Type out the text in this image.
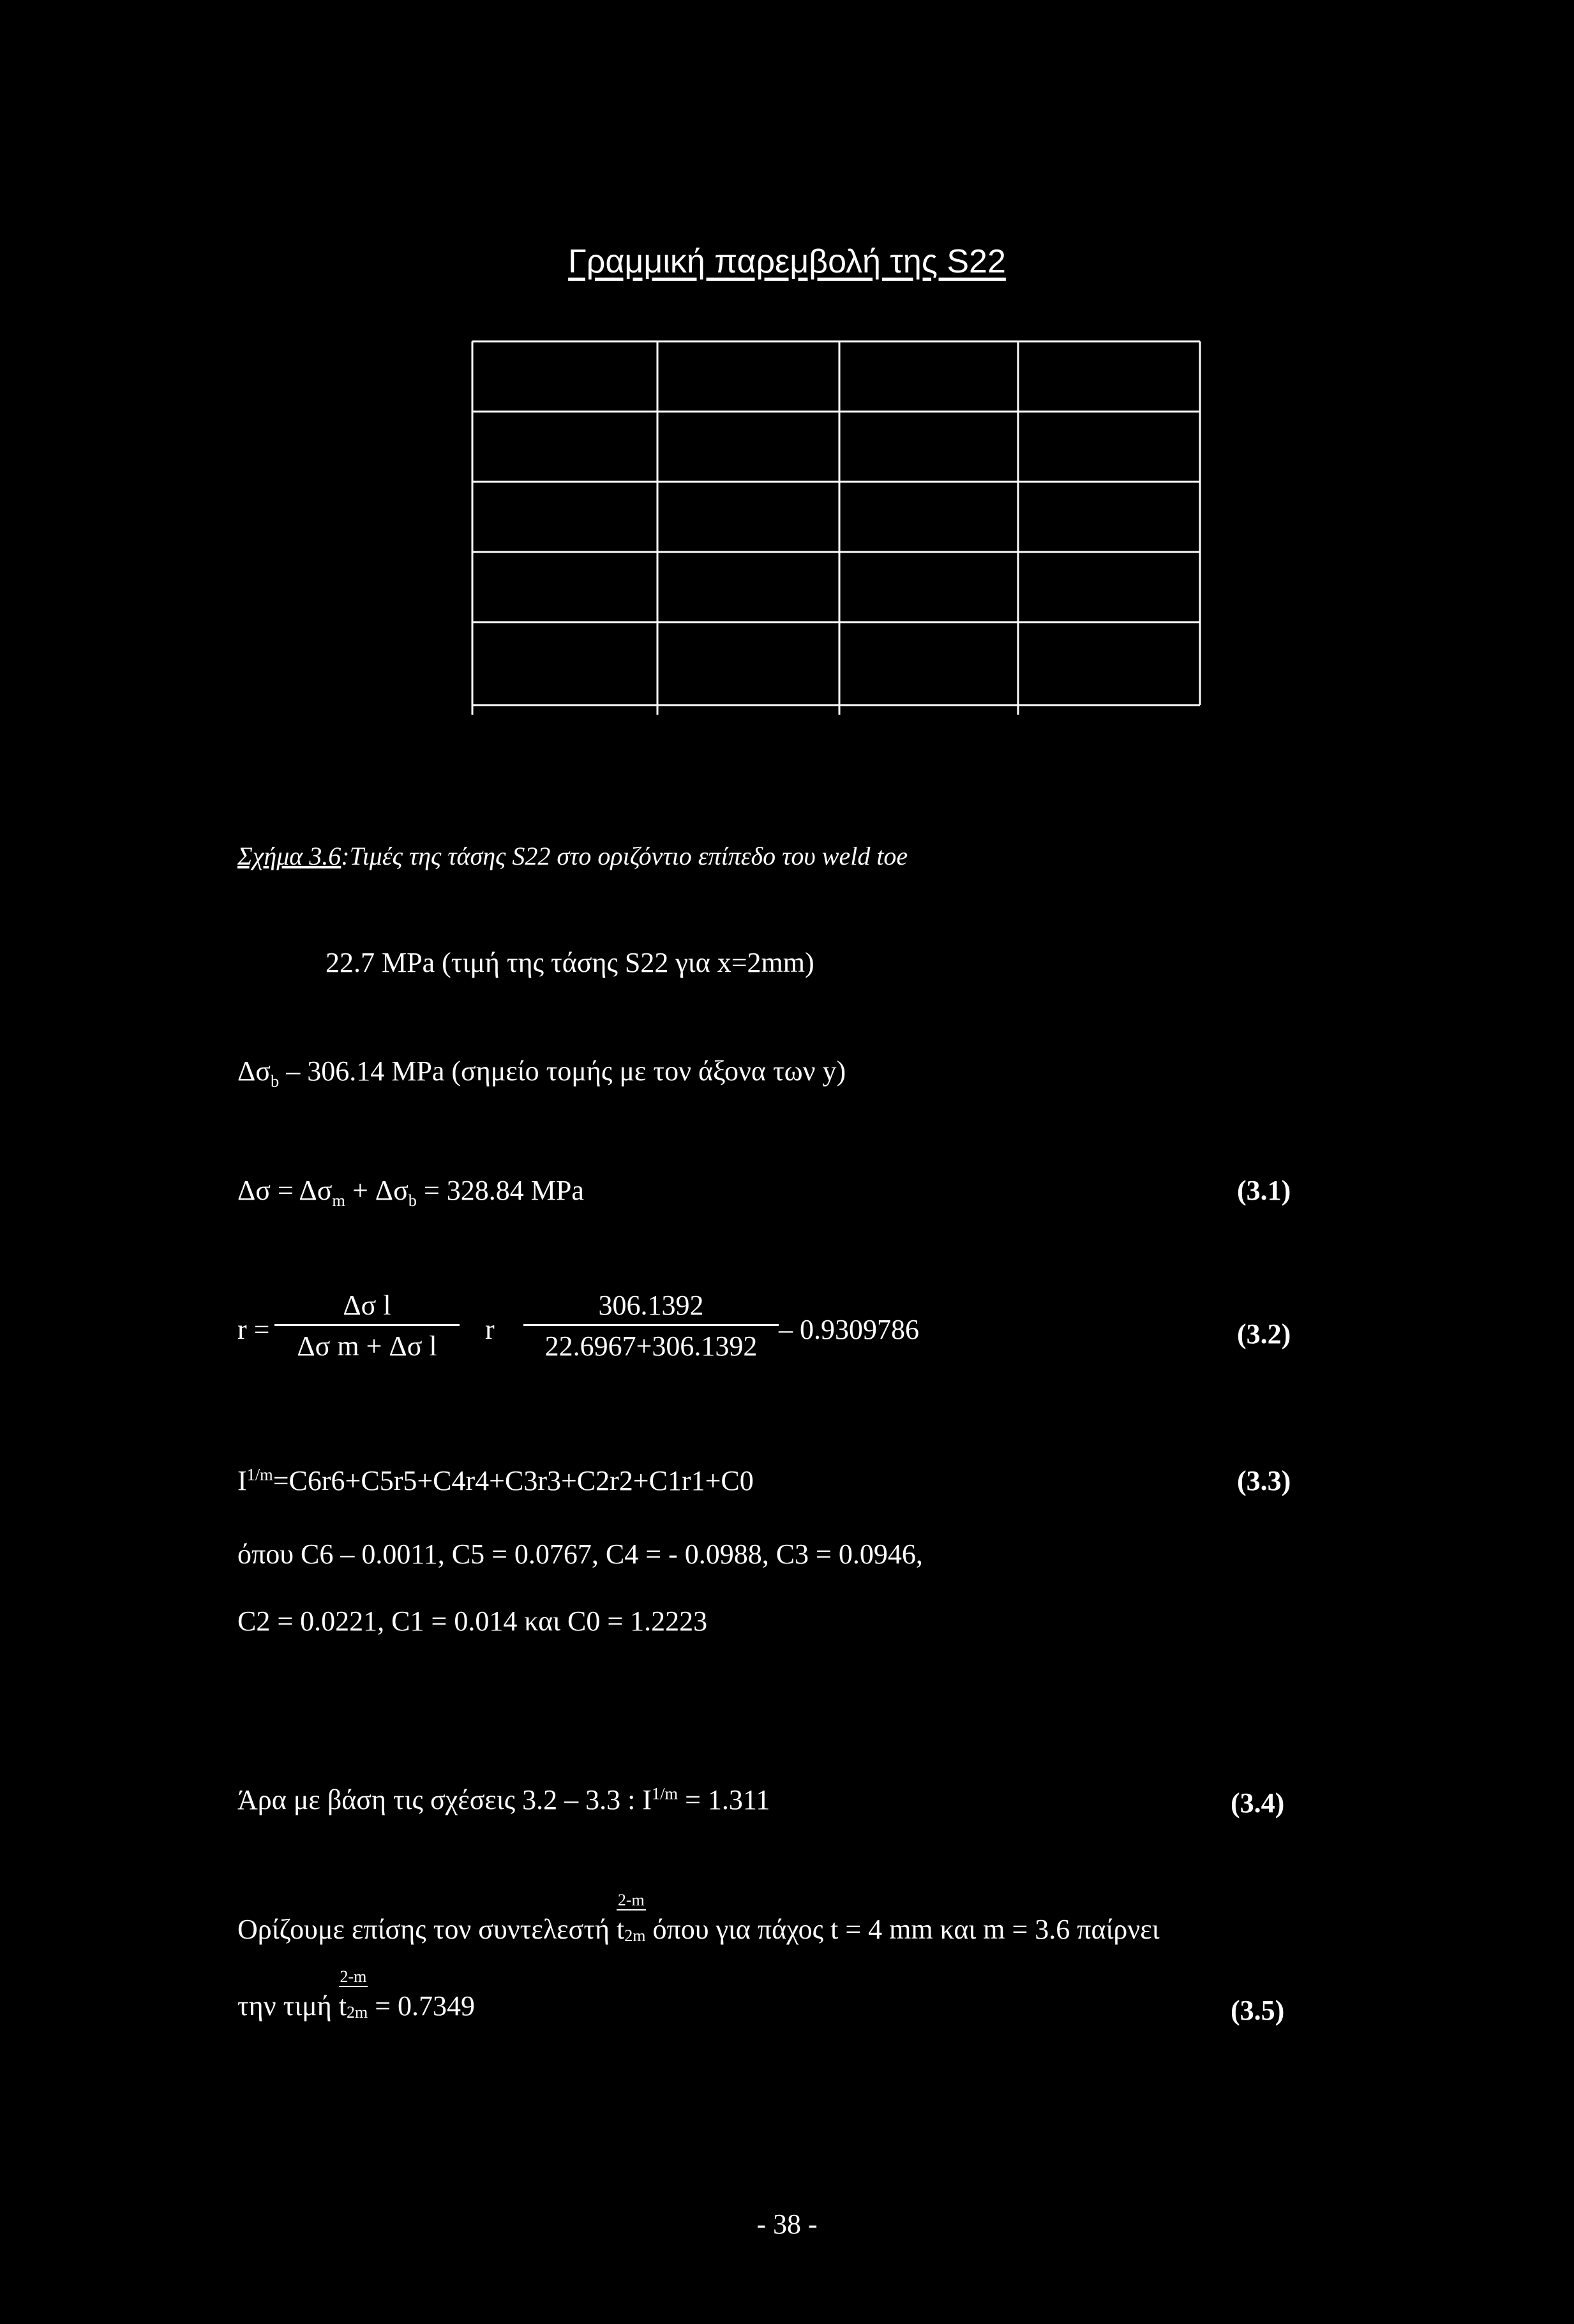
Γραμμική παρεμβολή της S22
Σχήμα 3.6:Τιμές της τάσης S22 στο οριζόντιο επίπεδο του weld toe
22.7 MPa (τιμή της τάσης S22 για x=2mm)
$\Delta\sigma_b - 306.14$ MPa (σημείο τομής με τον άξονα των y)
$\Delta\sigma = \Delta\sigma_m + \Delta\sigma_b = 328.84$ MPa	(3.1)
$r = \frac{\text{Δσ l}}{\text{Δσ m + Δσ l}}$ r $\frac{306.1392}{22.6967+306.1392} - 0.9309786$	(3.2)
$I^{1/m}=C6r6+C5r5+C4r4+C3r3+C2r2+C1r1+C0$	(3.3)
όπου C6 – 0.0011, C5 = 0.0767, C4 = - 0.0988, C3 = 0.0946,
C2 = 0.0221, C1 = 0.014 και C0 = 1.2223
Άρα με βάση τις σχέσεις 3.2 – 3.3 : $I^{1/m} = 1.311$	(3.4)
Ορίζουμε επίσης τον συντελεστή
2-m
t2m όπου για πάχος t = 4 mm και m = 3.6 παίρνει
την τιμή
2-m
t2m = 0.7349	(3.5)
- 38 -
